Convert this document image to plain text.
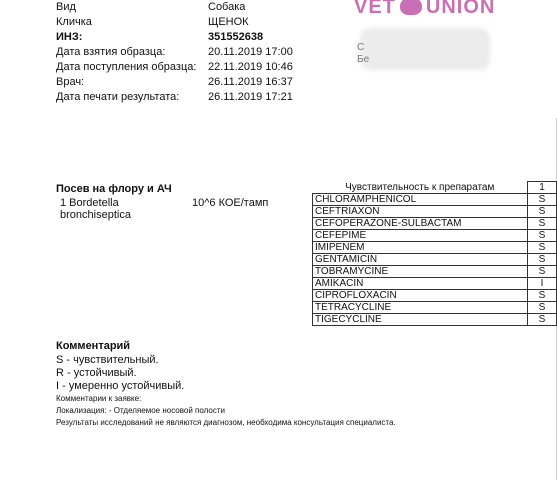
Вид	Собака
Кличка	ЩЕНОК
ИНЗ:	351552638
Дата взятия образца:	20.11.2019 17:00
Дата поступления образца:	22.11.2019 10:46
Врач:	26.11.2019 16:37
Дата печати результата:	26.11.2019 17:21
VET UNION
C
Бе
Посев на флору и АЧ
1 Bordetella bronchiseptica
10^6 КОЕ/тамп
Чувствительность к препаратам	1
CHLORAMPHENICOL	S
CEFTRIAXON	S
CEFOPERAZONE-SULBACTAM	S
CEFEPIME	S
IMIPENEM	S
GENTAMICIN	S
TOBRAMYCINE	S
AMIKACIN	I
CIPROFLOXACIN	S
TETRACYCLINE	S
TIGECYCLINE	S
Комментарий
S - чувствительный.
R - устойчивый.
I - умеренно устойчивый.
Комментарии к заявке:
Локализация: - Отделяемое носовой полости
Результаты исследований не являются диагнозом, необходима консультация специалиста.
